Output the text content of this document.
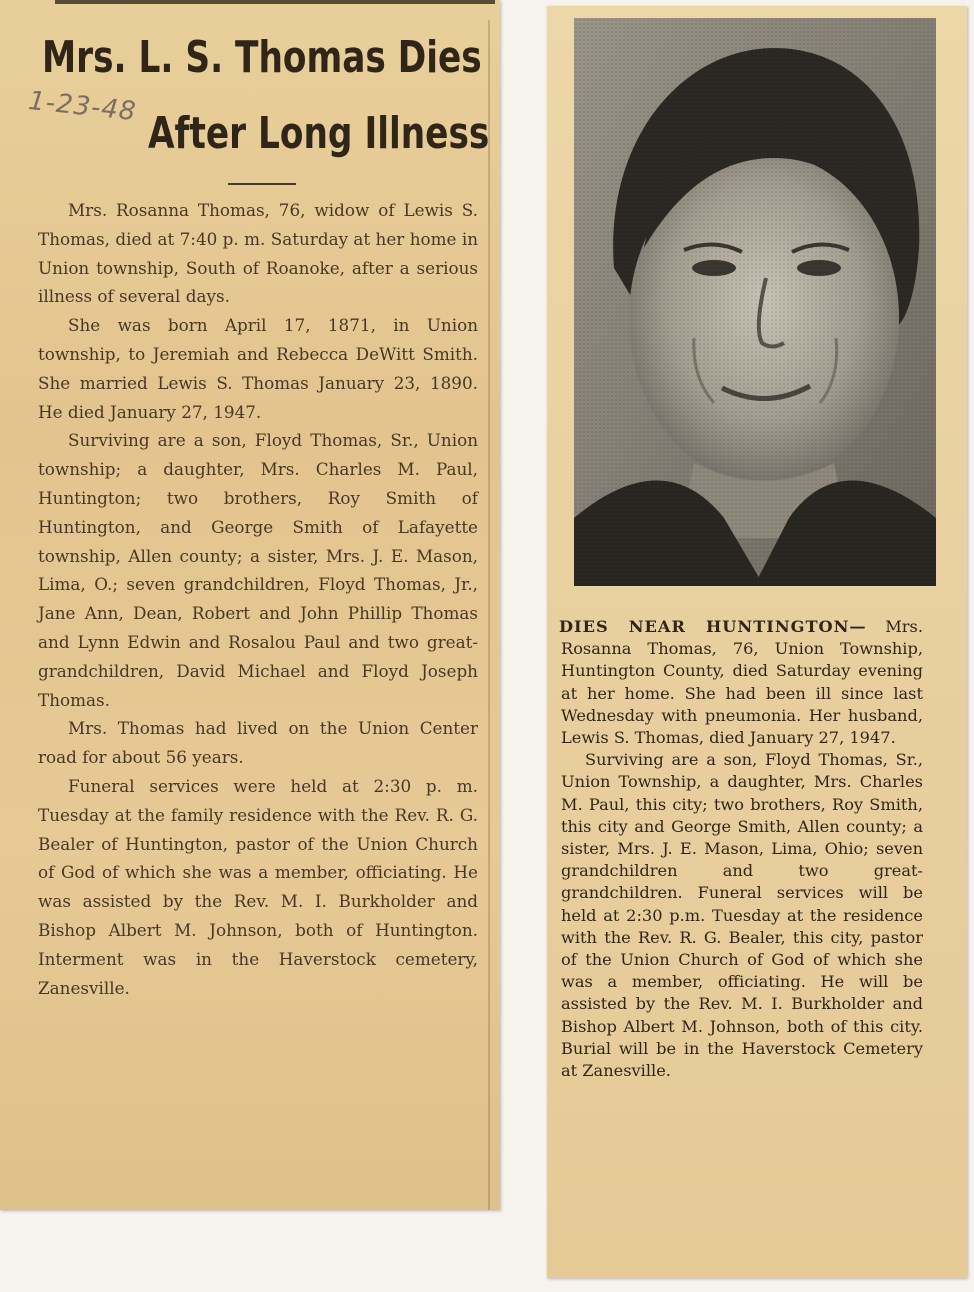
Mrs. L. S. Thomas Dies
After Long Illness
1-23-48

Mrs. Rosanna Thomas, 76, widow of Lewis S. Thomas, died at 7:40 p. m. Saturday at her home in Union township, South of Roanoke, after a serious illness of several days.

She was born April 17, 1871, in Union township, to Jeremiah and Rebecca DeWitt Smith. She married Lewis S. Thomas January 23, 1890. He died January 27, 1947.

Surviving are a son, Floyd Thomas, Sr., Union township; a daughter, Mrs. Charles M. Paul, Huntington; two brothers, Roy Smith of Huntington, and George Smith of Lafayette township, Allen county; a sister, Mrs. J. E. Mason, Lima, O.; seven grandchildren, Floyd Thomas, Jr., Jane Ann, Dean, Robert and John Phillip Thomas and Lynn Edwin and Rosalou Paul and two great-grandchildren, David Michael and Floyd Joseph Thomas.

Mrs. Thomas had lived on the Union Center road for about 56 years.

Funeral services were held at 2:30 p. m. Tuesday at the family residence with the Rev. R. G. Bealer of Huntington, pastor of the Union Church of God of which she was a member, officiating. He was assisted by the Rev. M. I. Burkholder and Bishop Albert M. Johnson, both of Huntington. Interment was in the Haverstock cemetery, Zanesville.

DIES NEAR HUNTINGTON— Mrs. Rosanna Thomas, 76, Union Township, Huntington County, died Saturday evening at her home. She had been ill since last Wednesday with pneumonia. Her husband, Lewis S. Thomas, died January 27, 1947.

Surviving are a son, Floyd Thomas, Sr., Union Township, a daughter, Mrs. Charles M. Paul, this city; two brothers, Roy Smith, this city and George Smith, Allen county; a sister, Mrs. J. E. Mason, Lima, Ohio; seven grandchildren and two great-grandchildren. Funeral services will be held at 2:30 p.m. Tuesday at the residence with the Rev. R. G. Bealer, this city, pastor of the Union Church of God of which she was a member, officiating. He will be assisted by the Rev. M. I. Burkholder and Bishop Albert M. Johnson, both of this city. Burial will be in the Haverstock Cemetery at Zanesville.
